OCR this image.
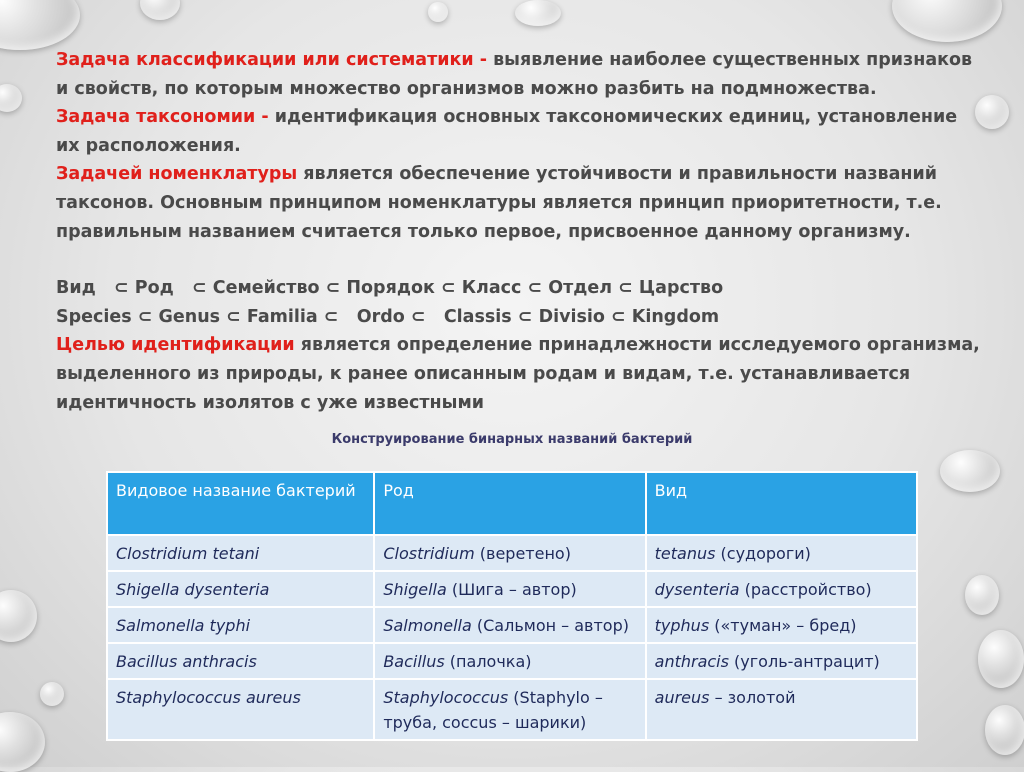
Задача классификации или систематики - выявление наиболее существенных признаков и свойств, по которым множество организмов можно разбить на подмножества.

Задача таксономии - идентификация основных таксономических единиц, установление их расположения.

Задачей номенклатуры является обеспечение устойчивости и правильности названий таксонов. Основным принципом номенклатуры является принцип приоритетности, т.е. правильным названием считается только первое, присвоенное данному организму.

Вид   ⊂ Род   ⊂ Семейство ⊂ Порядок ⊂ Класс ⊂ Отдел ⊂ Царство

Species ⊂ Genus ⊂ Familia ⊂   Ordo ⊂   Classis ⊂ Divisio ⊂ Kingdom

Целью идентификации является определение принадлежности исследуемого организма, выделенного из природы, к ранее описанным родам и видам, т.е. устанавливается идентичность изолятов с уже известными

Конструирование бинарных названий бактерий
Видовое название бактерий	Род	Вид
Clostridium tetani	Clostridium (веретено)	tetanus (судороги)
Shigella dysenteria	Shigella (Шига – автор)	dysenteria (расстройство)
Salmonella typhi	Salmonella (Сальмон – автор)	typhus («туман» – бред)
Bacillus anthracis	Bacillus (палочка)	anthracis (уголь-антрацит)
Staphylococcus aureus	Staphylococcus (Staphylo – труба, coccus – шарики)	aureus – золотой
